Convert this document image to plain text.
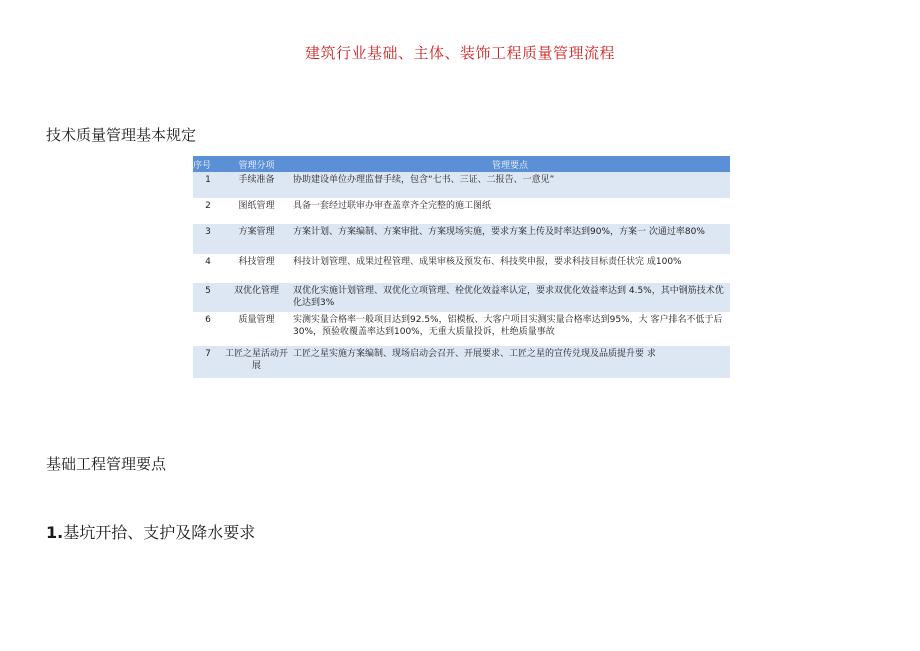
建筑行业基础、主体、装饰工程质量管理流程
技术质量管理基本规定
序号	管理分项	管理要点
1	手续准备	协助建设单位办理监督手续，包含“七书、三证、二报告、一意见”
2	图纸管理	具备一套经过联审办审查盖章齐全完整的施工图纸
3	方案管理	方案计划、方案编制、方案审批、方案现场实施，要求方案上传及时率达到90%，方案一 次通过率80%
4	科技管理	科技计划管理、成果过程管理、成果审核及预发布、科技奖申报，要求科技目标责任状完 成100%
5	双优化管理	双优化实施计划管理、双优化立项管理、栓优化效益率认定，要求双优化效益率达到 4.5%，其中钢筋技术优化达到3%
6	质量管理	实测实量合格率一般项目达到92.5%，铝模板、大客户项目实测实量合格率达到95%，大 客户排名不低于后30%，预验收覆盖率达到100%，无重大质量投诉，杜绝质量事故
7	工匠之星活动开展	工匠之星实施方案编制、现场启动会召开、开展要求、工匠之星的宣传兑现及品质提升要 求
基础工程管理要点
1.基坑开拾、支护及降水要求
